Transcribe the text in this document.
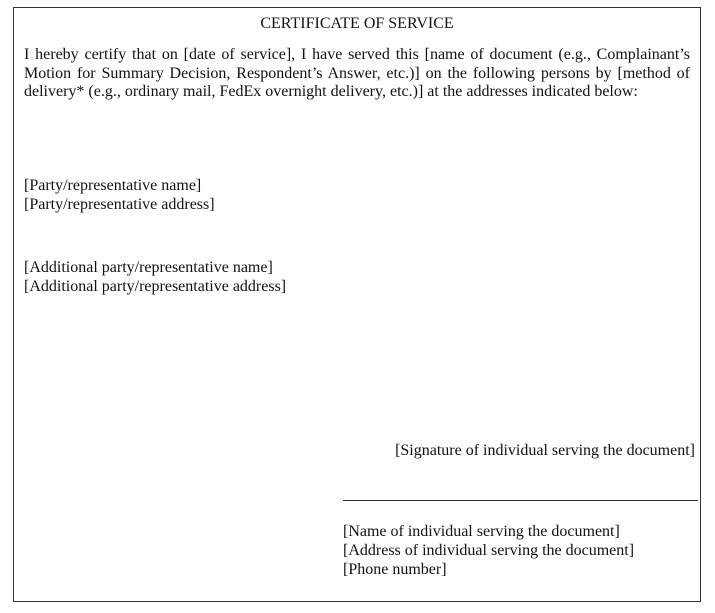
CERTIFICATE OF SERVICE
I hereby certify that on [date of service], I have served this [name of document (e.g., Complainant’s Motion for Summary Decision, Respondent’s Answer, etc.)] on the following persons by [method of delivery* (e.g., ordinary mail, FedEx overnight delivery, etc.)] at the addresses indicated below:
[Party/representative name]
[Party/representative address]
[Additional party/representative name]
[Additional party/representative address]
[Signature of individual serving the document]
[Name of individual serving the document]
[Address of individual serving the document]
[Phone number]
